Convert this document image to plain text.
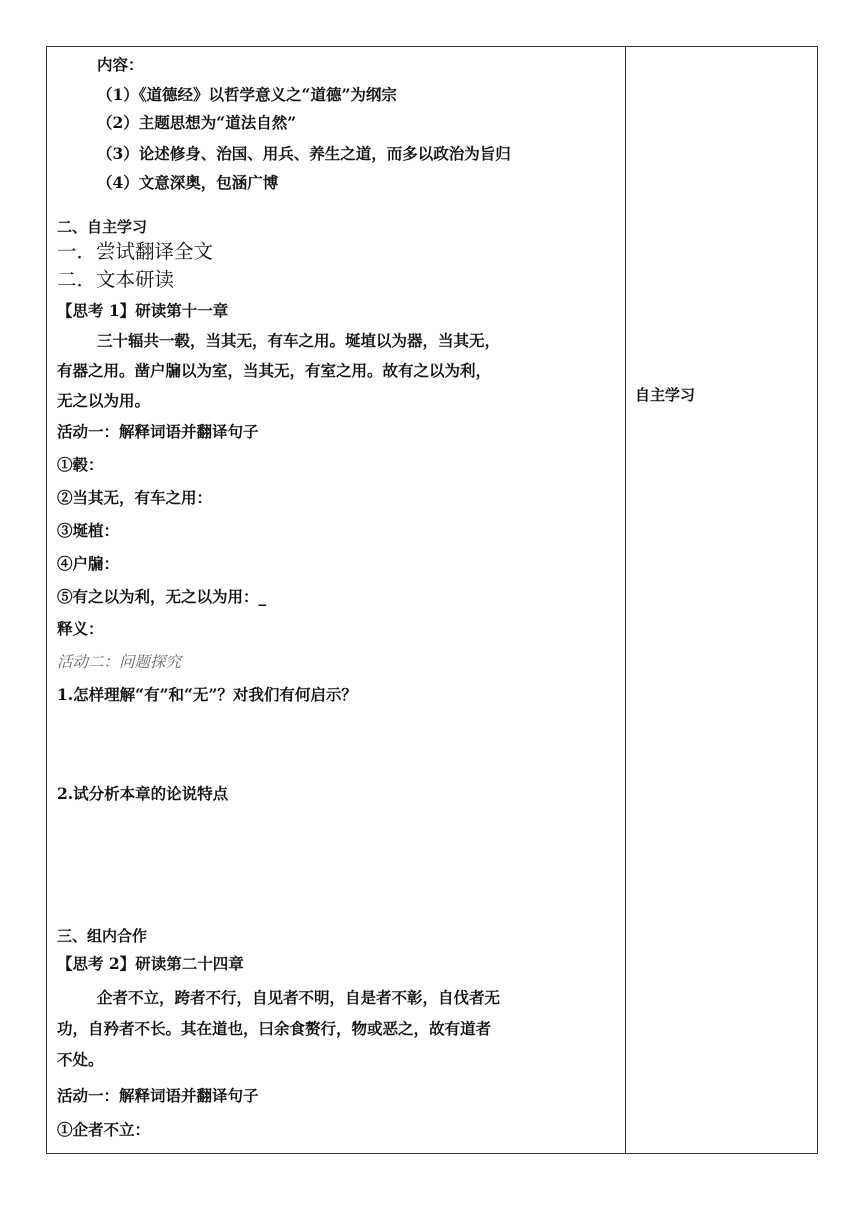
内容：
（1）《道德经》以哲学意义之“道德”为纲宗
（2）主题思想为“道法自然”
（3）论述修身、治国、用兵、养生之道，而多以政治为旨归
（4）文意深奥，包涵广博
二、自主学习
一．尝试翻译全文
二．文本研读
【思考 1】研读第十一章
三十辐共一毂，当其无，有车之用。埏埴以为器，当其无，
有器之用。凿户牖以为室，当其无，有室之用。故有之以为利，
无之以为用。
活动一：解释词语并翻译句子
①毂：
②当其无，有车之用：
③埏植：
④户牖：
⑤有之以为利，无之以为用：_
释义：
活动二：问题探究
1.怎样理解“有”和“无”？对我们有何启示？
2.试分析本章的论说特点
三、组内合作
【思考 2】研读第二十四章
企者不立，跨者不行，自见者不明，自是者不彰，自伐者无
功，自矜者不长。其在道也，曰余食赘行，物或恶之，故有道者
不处。
活动一：解释词语并翻译句子
①企者不立：
自主学习
